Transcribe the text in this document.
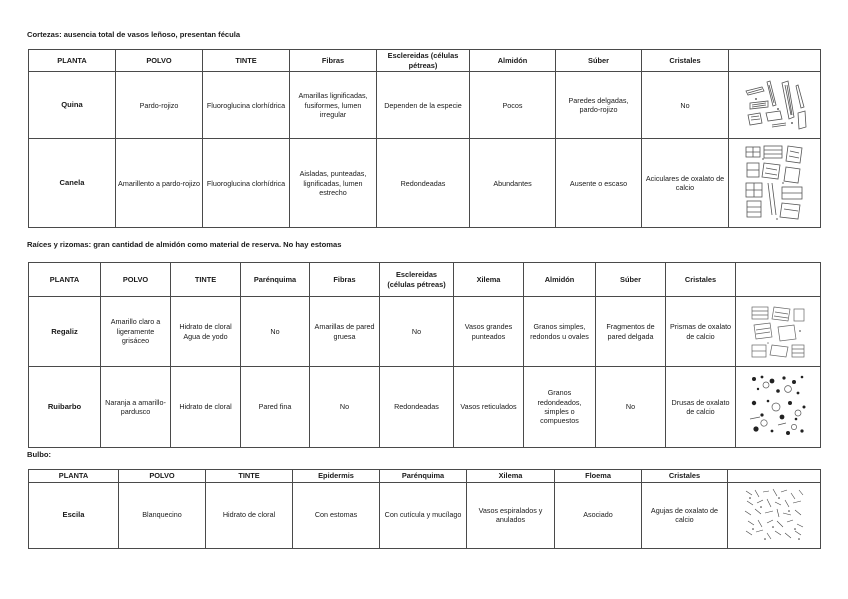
Cortezas: ausencia total de vasos leñoso, presentan fécula
PLANTA	POLVO	TINTE	Fibras	Esclereidas (células pétreas)	Almidón	Súber	Cristales	
Quina	Pardo-rojizo	Fluoroglucina clorhídrica	Amarillas lignificadas, fusiformes, lumen irregular	Dependen de la especie	Pocos	Paredes delgadas, pardo-rojizo	No	

Canela	Amarillento a pardo-rojizo	Fluoroglucina clorhídrica	Aisladas, punteadas, lignificadas, lumen estrecho	Redondeadas	Abundantes	Ausente o escaso	Aciculares de oxalato de calcio	
Raíces y rizomas: gran cantidad de almidón como material de reserva. No hay estomas
PLANTA	POLVO	TINTE	Parénquima	Fibras	Esclereidas (células pétreas)	Xilema	Almidón	Súber	Cristales	
Regaliz	Amarillo claro a ligeramente grisáceo	Hidrato de cloral Agua de yodo	No	Amarillas de pared gruesa	No	Vasos grandes punteados	Granos simples, redondos u ovales	Fragmentos de pared delgada	Prismas de oxalato de calcio	

Ruibarbo	Naranja a amarillo-pardusco	Hidrato de cloral	Pared fina	No	Redondeadas	Vasos reticulados	Granos redondeados, simples o compuestos	No	Drusas de oxalato de calcio	
Bulbo:
PLANTA	POLVO	TINTE	Epidermis	Parénquima	Xilema	Floema	Cristales	
Escila	Blanquecino	Hidrato de cloral	Con estomas	Con cutícula y mucílago	Vasos espiralados y anulados	Asociado	Agujas de oxalato de calcio	
